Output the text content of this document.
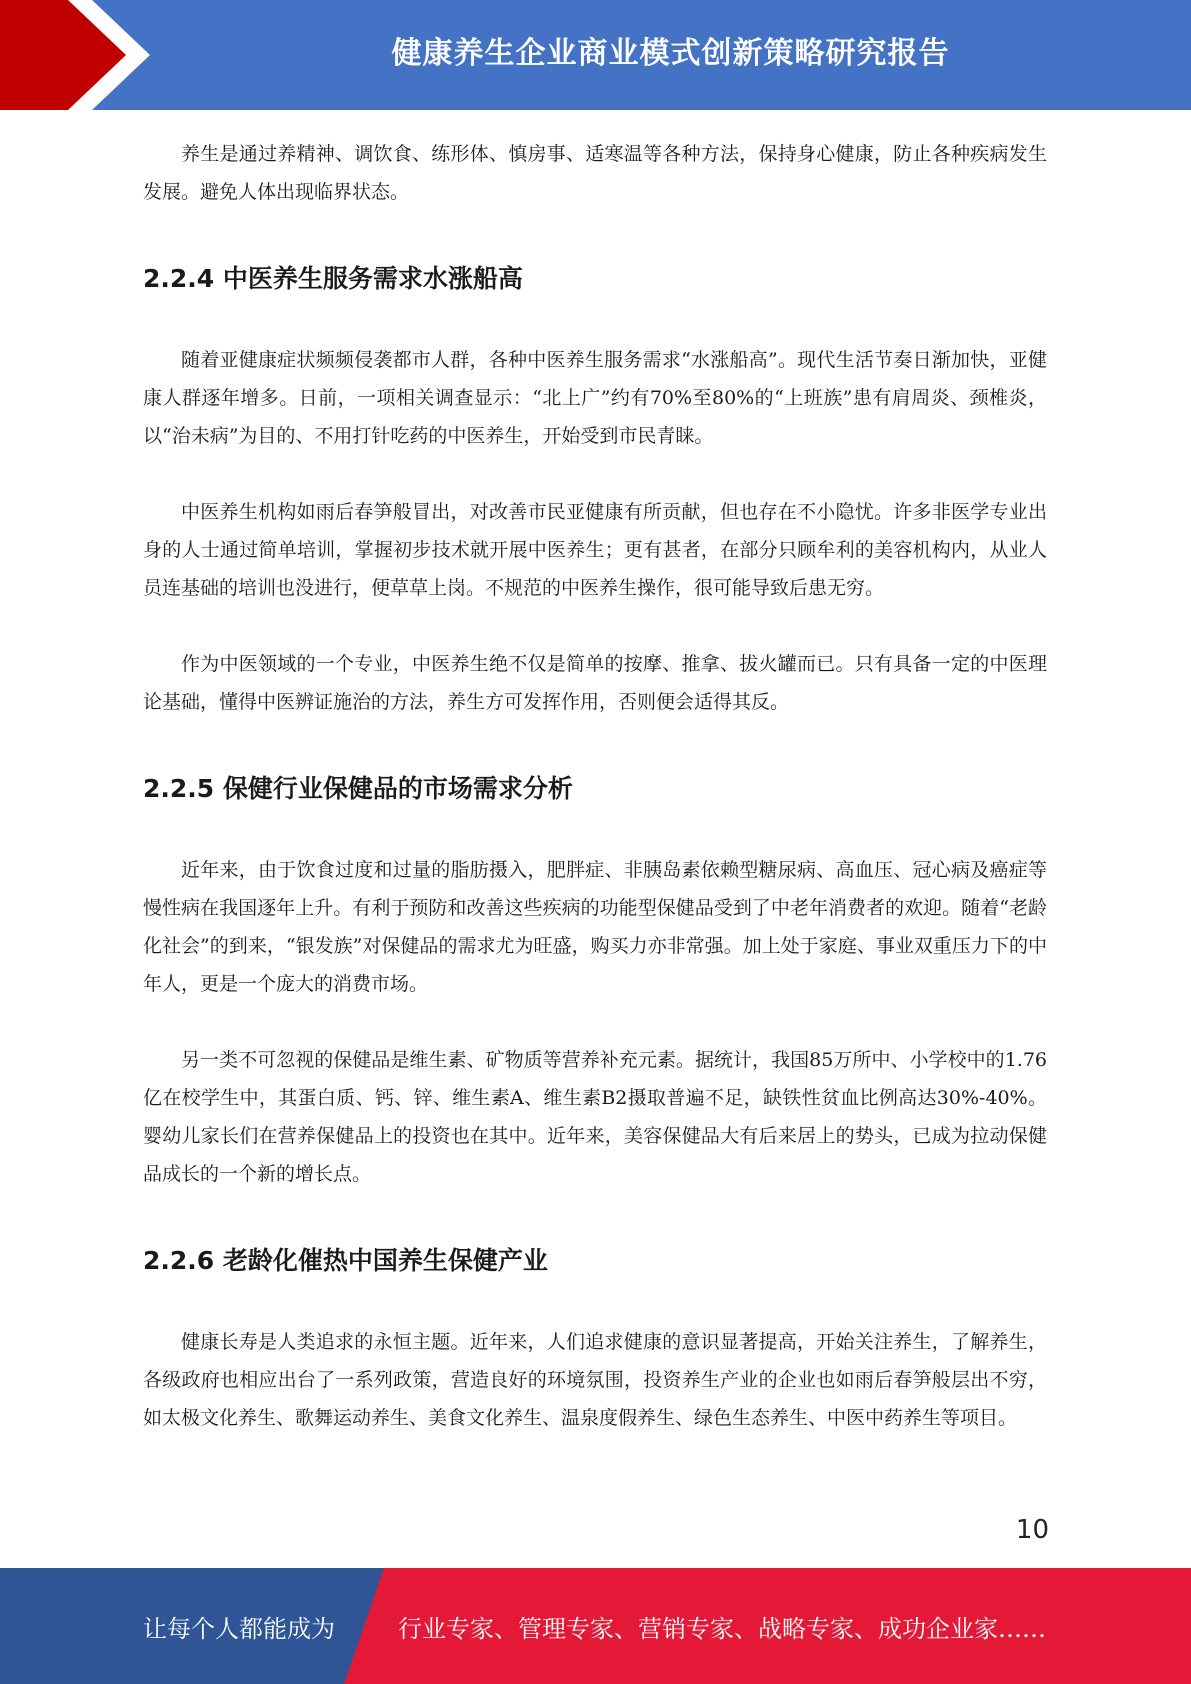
健康养生企业商业模式创新策略研究报告

养生是通过养精神、调饮食、练形体、慎房事、适寒温等各种方法，保持身心健康，防止各种疾病发生发展。避免人体出现临界状态。

2.2.4 中医养生服务需求水涨船高

随着亚健康症状频频侵袭都市人群，各种中医养生服务需求“水涨船高”。现代生活节奏日渐加快，亚健康人群逐年增多。日前，一项相关调查显示：“北上广”约有70%至80%的“上班族”患有肩周炎、颈椎炎，以“治未病”为目的、不用打针吃药的中医养生，开始受到市民青睐。

中医养生机构如雨后春笋般冒出，对改善市民亚健康有所贡献，但也存在不小隐忧。许多非医学专业出身的人士通过简单培训，掌握初步技术就开展中医养生；更有甚者，在部分只顾牟利的美容机构内，从业人员连基础的培训也没进行，便草草上岗。不规范的中医养生操作，很可能导致后患无穷。

作为中医领域的一个专业，中医养生绝不仅是简单的按摩、推拿、拔火罐而已。只有具备一定的中医理论基础，懂得中医辨证施治的方法，养生方可发挥作用，否则便会适得其反。

2.2.5 保健行业保健品的市场需求分析

近年来，由于饮食过度和过量的脂肪摄入，肥胖症、非胰岛素依赖型糖尿病、高血压、冠心病及癌症等慢性病在我国逐年上升。有利于预防和改善这些疾病的功能型保健品受到了中老年消费者的欢迎。随着“老龄化社会”的到来，“银发族”对保健品的需求尤为旺盛，购买力亦非常强。加上处于家庭、事业双重压力下的中年人，更是一个庞大的消费市场。

另一类不可忽视的保健品是维生素、矿物质等营养补充元素。据统计，我国85万所中、小学校中的1.76亿在校学生中，其蛋白质、钙、锌、维生素A、维生素B2摄取普遍不足，缺铁性贫血比例高达30%-40%。婴幼儿家长们在营养保健品上的投资也在其中。近年来，美容保健品大有后来居上的势头，已成为拉动保健品成长的一个新的增长点。

2.2.6 老龄化催热中国养生保健产业

健康长寿是人类追求的永恒主题。近年来，人们追求健康的意识显著提高，开始关注养生，了解养生，各级政府也相应出台了一系列政策，营造良好的环境氛围，投资养生产业的企业也如雨后春笋般层出不穷，如太极文化养生、歌舞运动养生、美食文化养生、温泉度假养生、绿色生态养生、中医中药养生等项目。

10
让每个人都能成为	行业专家、管理专家、营销专家、战略专家、成功企业家……
